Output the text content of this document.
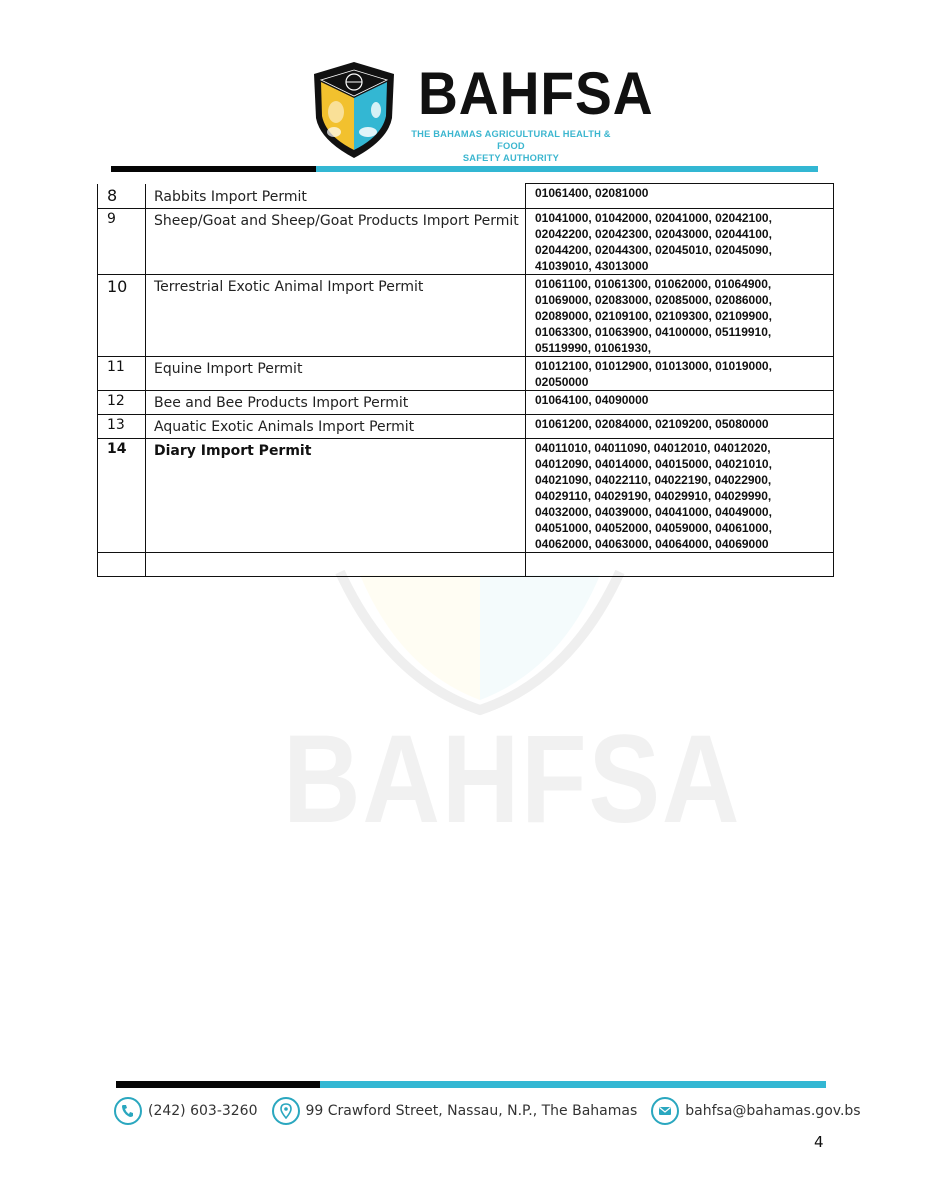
BAHFSA
THE BAHAMAS AGRICULTURAL HEALTH & FOOD
SAFETY AUTHORITY
BAHFSA
8	Rabbits Import Permit	01061400, 02081000
9	Sheep/Goat and Sheep/Goat Products Import Permit	01041000, 01042000, 02041000, 02042100, 02042200, 02042300, 02043000, 02044100, 02044200, 02044300, 02045010, 02045090, 41039010, 43013000
10	Terrestrial Exotic Animal Import Permit	01061100, 01061300, 01062000, 01064900, 01069000, 02083000, 02085000, 02086000, 02089000, 02109100, 02109300, 02109900, 01063300, 01063900, 04100000, 05119910, 05119990, 01061930,
11	Equine Import Permit	01012100, 01012900, 01013000, 01019000, 02050000
12	Bee and Bee Products Import Permit	01064100, 04090000
13	Aquatic Exotic Animals Import Permit	01061200, 02084000, 02109200, 05080000
14	Diary Import Permit	04011010, 04011090, 04012010, 04012020, 04012090, 04014000, 04015000, 04021010, 04021090, 04022110, 04022190, 04022900, 04029110, 04029190, 04029910, 04029990, 04032000, 04039000, 04041000, 04049000, 04051000, 04052000, 04059000, 04061000, 04062000, 04063000, 04064000, 04069000

(242) 603-3260	99 Crawford Street, Nassau, N.P., The Bahamas	bahfsa@bahamas.gov.bs
4
